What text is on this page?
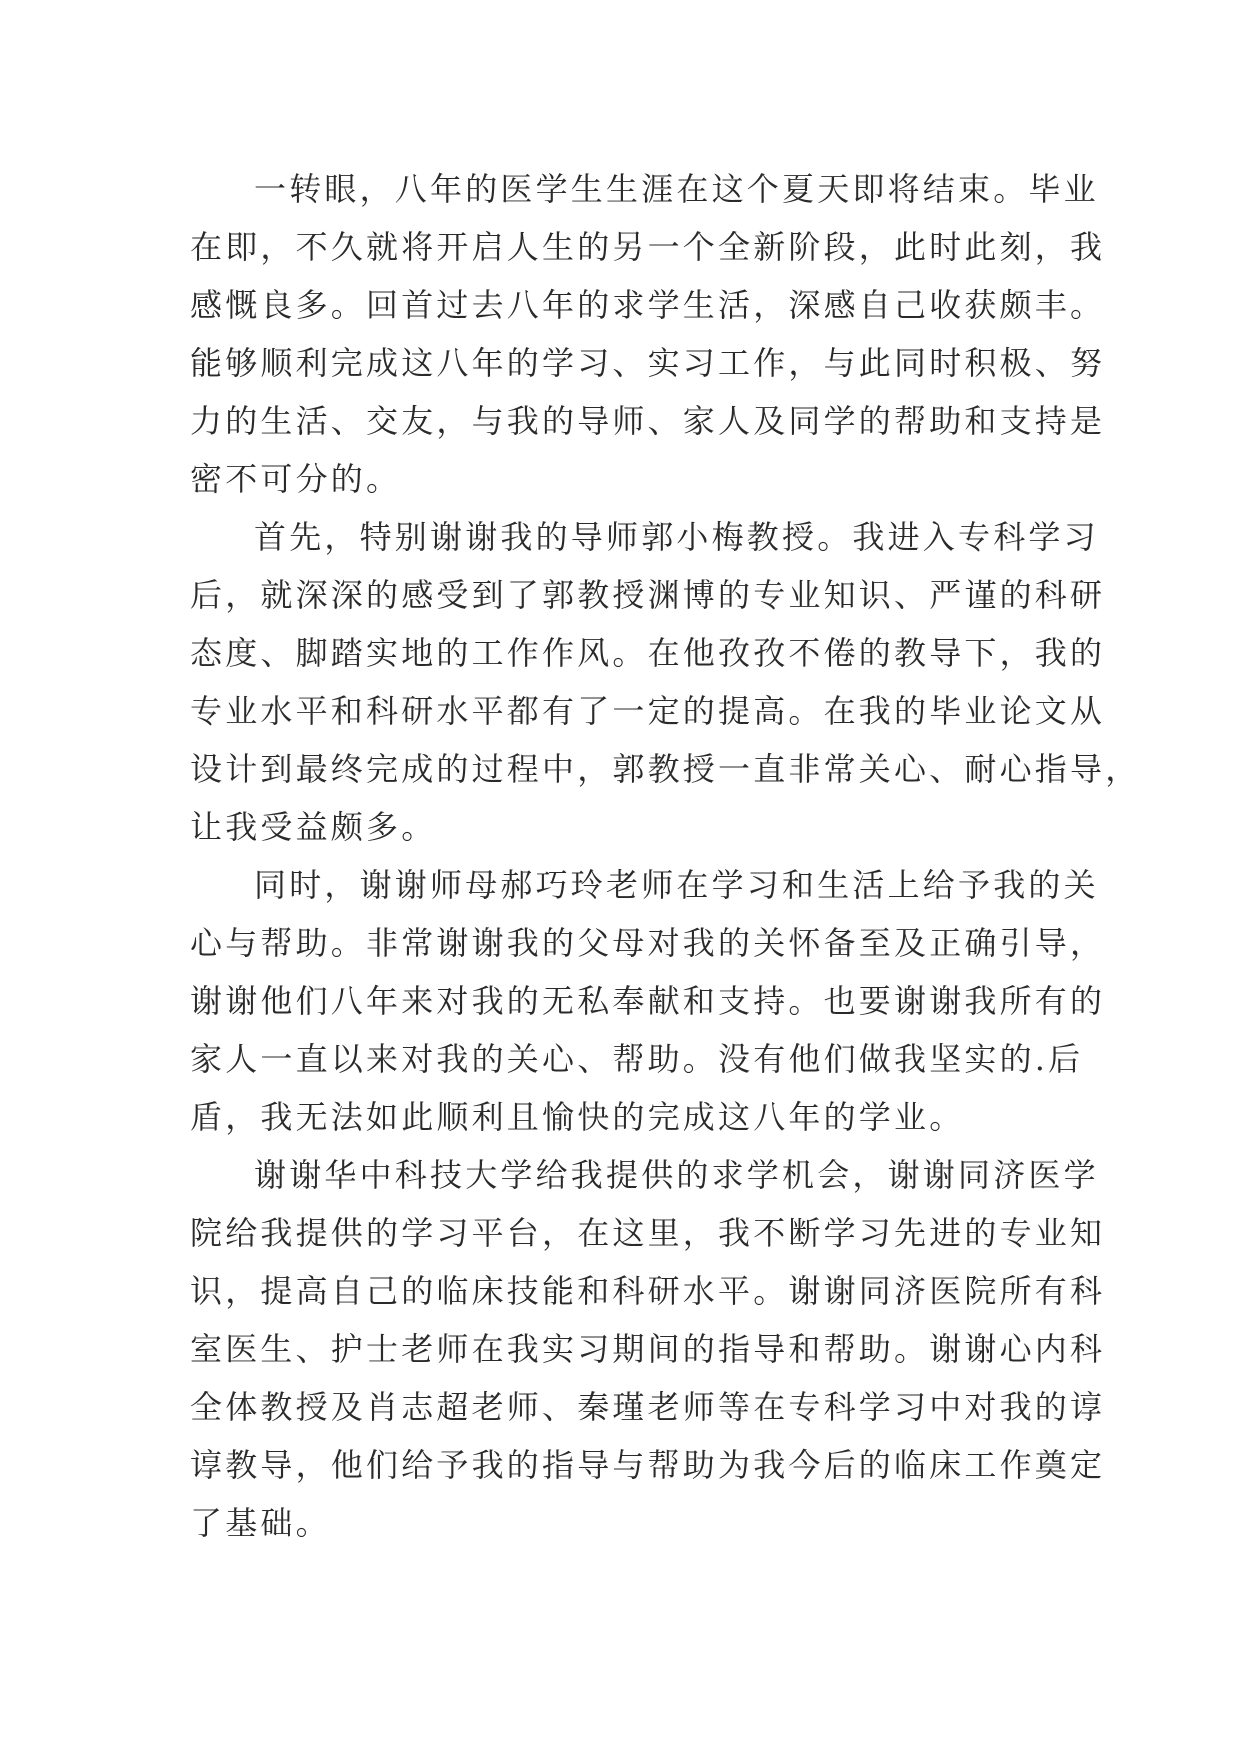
一转眼，八年的医学生生涯在这个夏天即将结束。毕业
在即，不久就将开启人生的另一个全新阶段，此时此刻，我
感慨良多。回首过去八年的求学生活，深感自己收获颇丰。
能够顺利完成这八年的学习、实习工作，与此同时积极、努
力的生活、交友，与我的导师、家人及同学的帮助和支持是
密不可分的。
首先，特别谢谢我的导师郭小梅教授。我进入专科学习
后，就深深的感受到了郭教授渊博的专业知识、严谨的科研
态度、脚踏实地的工作作风。在他孜孜不倦的教导下，我的
专业水平和科研水平都有了一定的提高。在我的毕业论文从
设计到最终完成的过程中，郭教授一直非常关心、耐心指导，
让我受益颇多。
同时，谢谢师母郝巧玲老师在学习和生活上给予我的关
心与帮助。非常谢谢我的父母对我的关怀备至及正确引导，
谢谢他们八年来对我的无私奉献和支持。也要谢谢我所有的
家人一直以来对我的关心、帮助。没有他们做我坚实的.后
盾，我无法如此顺利且愉快的完成这八年的学业。
谢谢华中科技大学给我提供的求学机会，谢谢同济医学
院给我提供的学习平台，在这里，我不断学习先进的专业知
识，提高自己的临床技能和科研水平。谢谢同济医院所有科
室医生、护士老师在我实习期间的指导和帮助。谢谢心内科
全体教授及肖志超老师、秦瑾老师等在专科学习中对我的谆
谆教导，他们给予我的指导与帮助为我今后的临床工作奠定
了基础。
